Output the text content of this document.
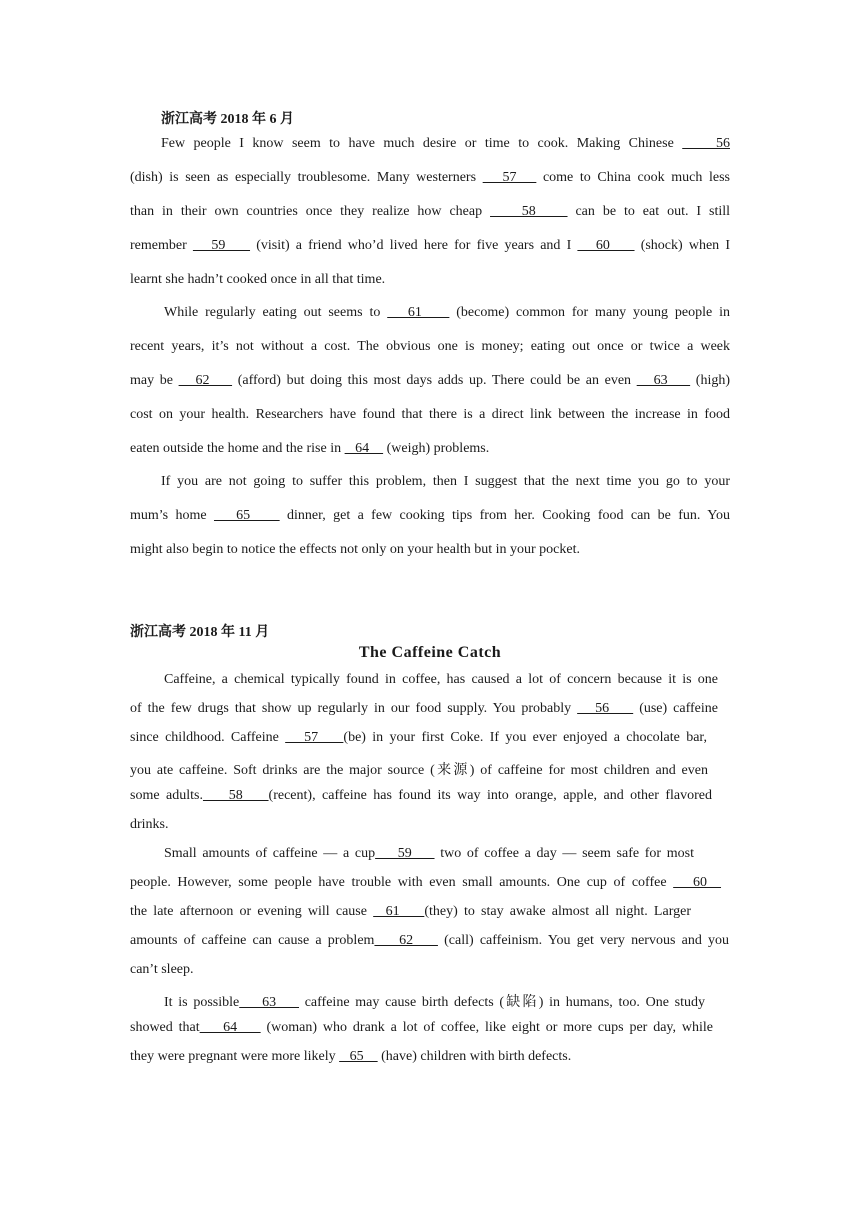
浙江高考 2018 年 6 月
Few people I know seem to have much desire or time to cook. Making Chinese     56
(dish) is seen as especially troublesome. Many westerners    57    come to China cook much less
than in their own countries once they realize how cheap     58     can be to eat out. I still
remember    59     (visit) a friend who’d lived here for five years and I    60     (shock) when I
learnt she hadn’t cooked once in all that time.
While regularly eating out seems to    61     (become) common for many young people in
recent years, it’s not without a cost. The obvious one is money; eating out once or twice a week
may be    62     (afford) but doing this most days adds up. There could be an even    63     (high)
cost on your health. Researchers have found that there is a direct link between the increase in food
eaten outside the home and the rise in    64     (weigh) problems.
If you are not going to suffer this problem, then I suggest that the next time you go to your
mum’s home    65     dinner, get a few cooking tips from her. Cooking food can be fun. You
might also begin to notice the effects not only on your health but in your pocket.
浙江高考 2018 年 11 月
The Caffeine Catch
Caffeine, a chemical typically found in coffee, has caused a lot of concern because it is one
of the few drugs that show up regularly in our food supply. You probably    56     (use) caffeine
since childhood. Caffeine    57    (be) in your first Coke. If you ever enjoyed a chocolate bar,
you ate caffeine. Soft drinks are the major source (来源) of caffeine for most children and even
some adults.    58    (recent), caffeine has found its way into orange, apple, and other flavored
drinks.
Small amounts of caffeine — a cup    59     two of coffee a day — seem safe for most
people. However, some people have trouble with even small amounts. One cup of coffee    60
the late afternoon or evening will cause   61    (they) to stay awake almost all night. Larger
amounts of caffeine can cause a problem    62     (call) caffeinism. You get very nervous and you
can’t sleep.
It is possible    63     caffeine may cause birth defects (缺陷) in humans, too. One study
showed that    64     (woman) who drank a lot of coffee, like eight or more cups per day, while
they were pregnant were more likely    65     (have) children with birth defects.
